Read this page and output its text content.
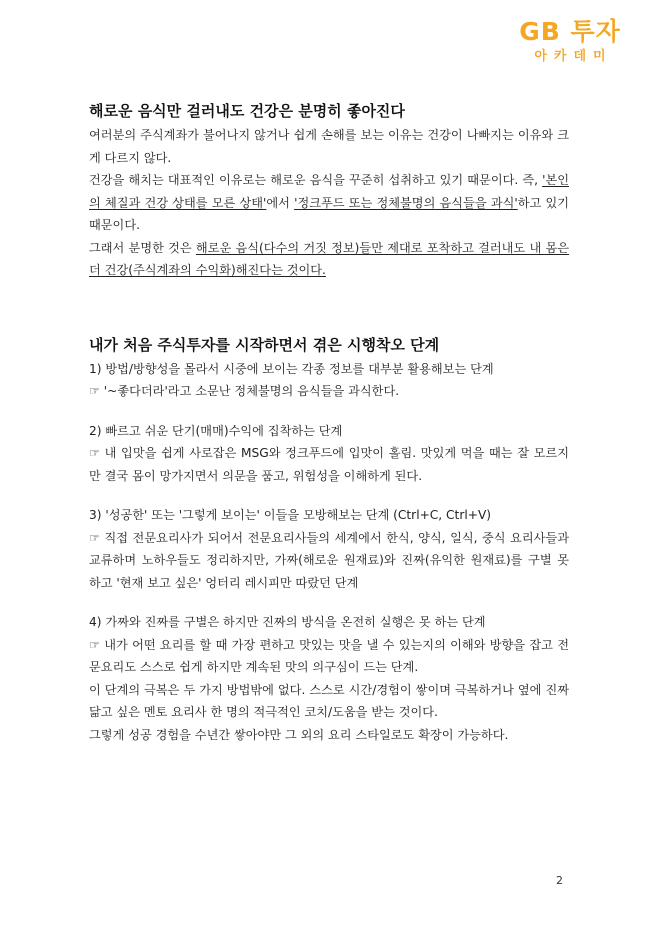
GB 투자
아카데미
해로운 음식만 걸러내도 건강은 분명히 좋아진다

여러분의 주식계좌가 불어나지 않거나 쉽게 손해를 보는 이유는 건강이 나빠지는 이유와 크게 다르지 않다.

건강을 해치는 대표적인 이유로는 해로운 음식을 꾸준히 섭취하고 있기 때문이다. 즉, '본인의 체질과 건강 상태를 모른 상태'에서 '정크푸드 또는 정체불명의 음식들을 과식'하고 있기 때문이다.

그래서 분명한 것은 해로운 음식(다수의 거짓 정보)들만 제대로 포착하고 걸러내도 내 몸은 더 건강(주식계좌의 수익화)해진다는 것이다.

내가 처음 주식투자를 시작하면서 겪은 시행착오 단계

1) 방법/방향성을 몰라서 시중에 보이는 각종 정보를 대부분 활용해보는 단계

☞ '~좋다더라'라고 소문난 정체불명의 음식들을 과식한다.

2) 빠르고 쉬운 단기(매매)수익에 집착하는 단계

☞ 내 입맛을 쉽게 사로잡은 MSG와 정크푸드에 입맛이 홀림. 맛있게 먹을 때는 잘 모르지만 결국 몸이 망가지면서 의문을 품고, 위험성을 이해하게 된다.

3) '성공한' 또는 '그렇게 보이는' 이들을 모방해보는 단계 (Ctrl+C, Ctrl+V)

☞ 직접 전문요리사가 되어서 전문요리사들의 세계에서 한식, 양식, 일식, 중식 요리사들과 교류하며 노하우들도 정리하지만, 가짜(해로운 원재료)와 진짜(유익한 원재료)를 구별 못 하고 '현재 보고 싶은' 엉터리 레시피만 따랐던 단계

4) 가짜와 진짜를 구별은 하지만 진짜의 방식을 온전히 실행은 못 하는 단계

☞ 내가 어떤 요리를 할 때 가장 편하고 맛있는 맛을 낼 수 있는지의 이해와 방향을 잡고 전문요리도 스스로 쉽게 하지만 계속된 맛의 의구심이 드는 단계.

이 단계의 극복은 두 가지 방법밖에 없다. 스스로 시간/경험이 쌓이며 극복하거나 옆에 진짜 닮고 싶은 멘토 요리사 한 명의 적극적인 코치/도움을 받는 것이다.

그렇게 성공 경험을 수년간 쌓아야만 그 외의 요리 스타일로도 확장이 가능하다.

2
